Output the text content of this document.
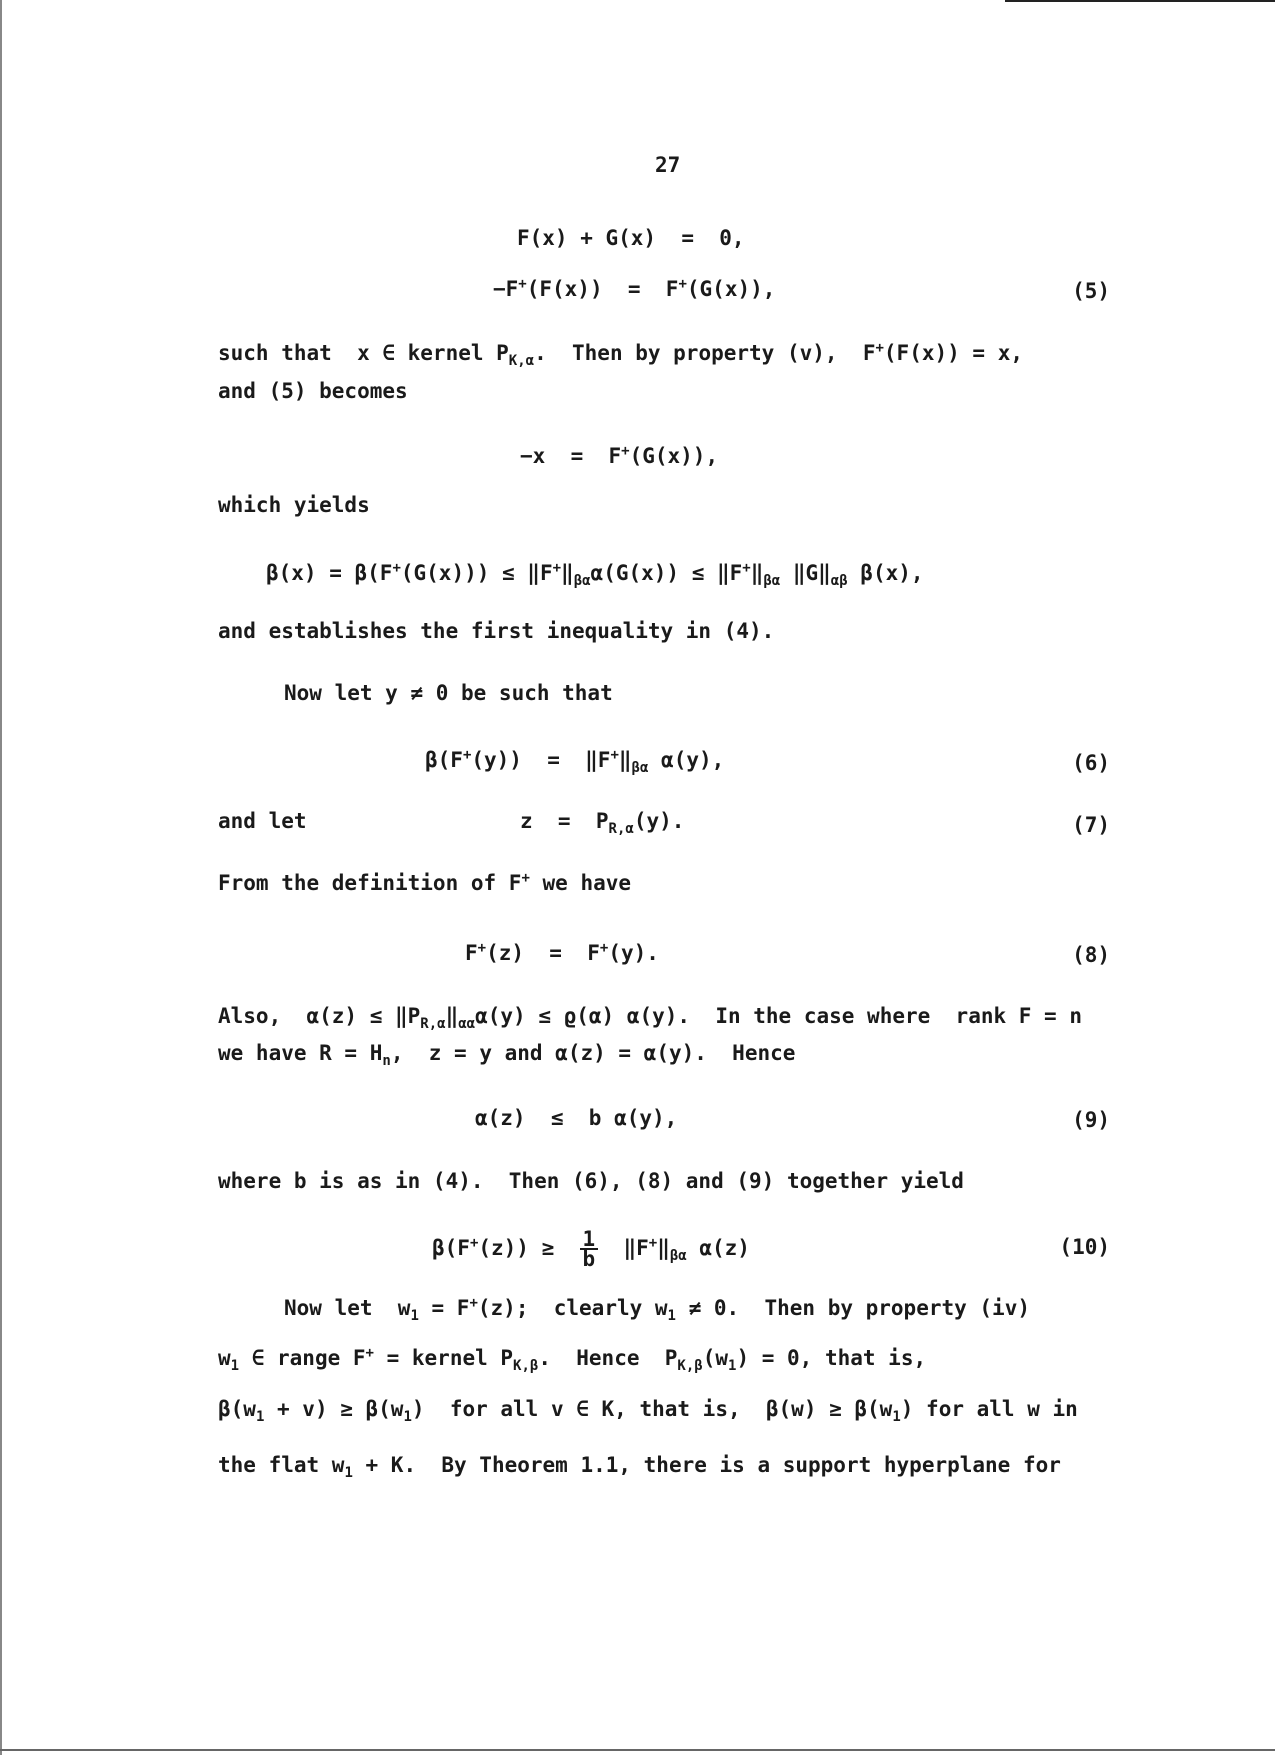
27
F(x) + G(x)  =  0,
−F+(F(x))  =  F+(G(x)),	(5)
such that  x ∈ kernel $P_{K,\alpha}$.  Then by property (v),  F+(F(x)) = x,
and (5) becomes
−x  =  F+(G(x)),
which yields
$\beta(x) = \beta(F^+(G(x))) \le ‖F^+‖_{\beta\alpha}\alpha(G(x))$ ≤ $‖F^+‖_{\beta\alpha}$ $‖G‖_{\alpha\beta}$ β(x),
and establishes the first inequality in (4).
Now let y ≠ 0 be such that
$\beta(F^+(y)) = ‖F^+‖_{\beta\alpha}$ α(y),	(6)
and let	$z = P_{R,\alpha}(y)$.	(7)
From the definition of F+ we have
F+(z)  =  F+(y).	(8)
Also,  $\alpha(z) \le ‖P_{R,\alpha}‖_{\alpha\alpha}\alpha(y) \le ϱ(\alpha)$ α(y).  In the case where  rank F = n
we have $R = H_n$,  z = y and α(z) = α(y).  Hence
α(z)  ≤  b α(y),	(9)
where b is as in (4).  Then (6), (8) and (9) together yield
$\beta(F^+(z)) \ge \frac{1}{b}$ $‖F^+‖_{\beta\alpha}$ α(z)	(10)
Now let  $w_1 = F^+(z)$;  clearly $w_1 \ne 0$.  Then by property (iv)
$w_1$ ∈ range F+ = kernel $P_{K,\beta}$.  Hence  $P_{K,\beta}(w_1) = 0$, that is,
$\beta(w_1 + v) \ge \beta(w_1)$  for all v ∈ K, that is,  $\beta(w) \ge \beta(w_1)$ for all w in
the flat $w_1 + K$.  By Theorem 1.1, there is a support hyperplane for
